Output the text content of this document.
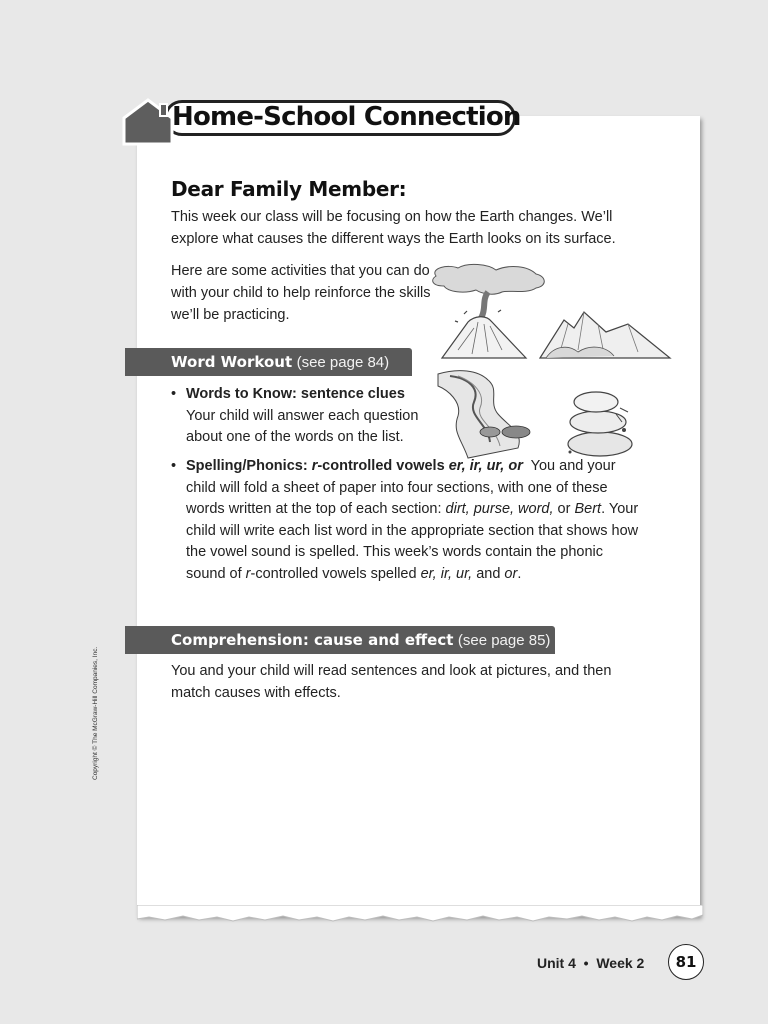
Home-School Connection
Dear Family Member:
This week our class will be focusing on how the Earth changes. We’ll explore what causes the different ways the Earth looks on its surface.
Here are some activities that you can do with your child to help reinforce the skills we’ll be practicing.
Word Workout (see page 84)
• Words to Know: sentence clues
Your child will answer each question about one of the words on the list.
• Spelling/Phonics: r-controlled vowels er, ir, ur, or  You and your child will fold a sheet of paper into four sections, with one of these words written at the top of each section: dirt, purse, word, or Bert. Your child will write each list word in the appropriate section that shows how the vowel sound is spelled. This week’s words contain the phonic sound of r-controlled vowels spelled er, ir, ur, and or.
Comprehension: cause and effect (see page 85)
You and your child will read sentences and look at pictures, and then match causes with effects.
Copyright © The McGraw-Hill Companies, Inc.
Unit 4  •  Week 2	81
